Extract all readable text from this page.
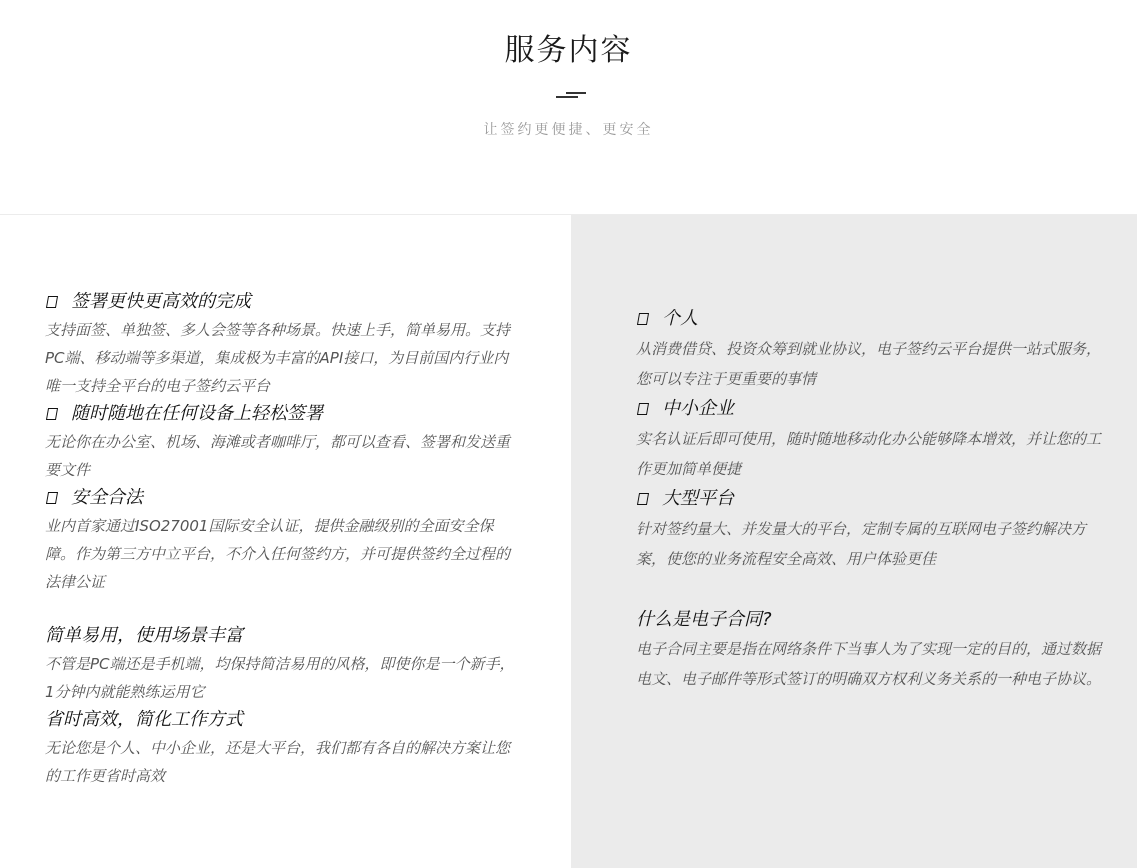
服务内容
让签约更便捷、更安全
签署更快更高效的完成

支持面签、单独签、多人会签等各种场景。快速上手，简单易用。支持PC端、移动端等多渠道，集成极为丰富的API接口，为目前国内行业内唯一支持全平台的电子签约云平台

随时随地在任何设备上轻松签署

无论你在办公室、机场、海滩或者咖啡厅，都可以查看、签署和发送重要文件

安全合法

业内首家通过ISO27001国际安全认证，提供金融级别的全面安全保障。作为第三方中立平台，不介入任何签约方，并可提供签约全过程的法律公证

简单易用，使用场景丰富

不管是PC端还是手机端，均保持简洁易用的风格，即使你是一个新手，1分钟内就能熟练运用它

省时高效，简化工作方式

无论您是个人、中小企业，还是大平台，我们都有各自的解决方案让您的工作更省时高效

个人

从消费借贷、投资众筹到就业协议，电子签约云平台提供一站式服务，您可以专注于更重要的事情

中小企业

实名认证后即可使用，随时随地移动化办公能够降本增效，并让您的工作更加简单便捷

大型平台

针对签约量大、并发量大的平台，定制专属的互联网电子签约解决方案，使您的业务流程安全高效、用户体验更佳

什么是电子合同?

电子合同主要是指在网络条件下当事人为了实现一定的目的，通过数据电文、电子邮件等形式签订的明确双方权利义务关系的一种电子协议。
